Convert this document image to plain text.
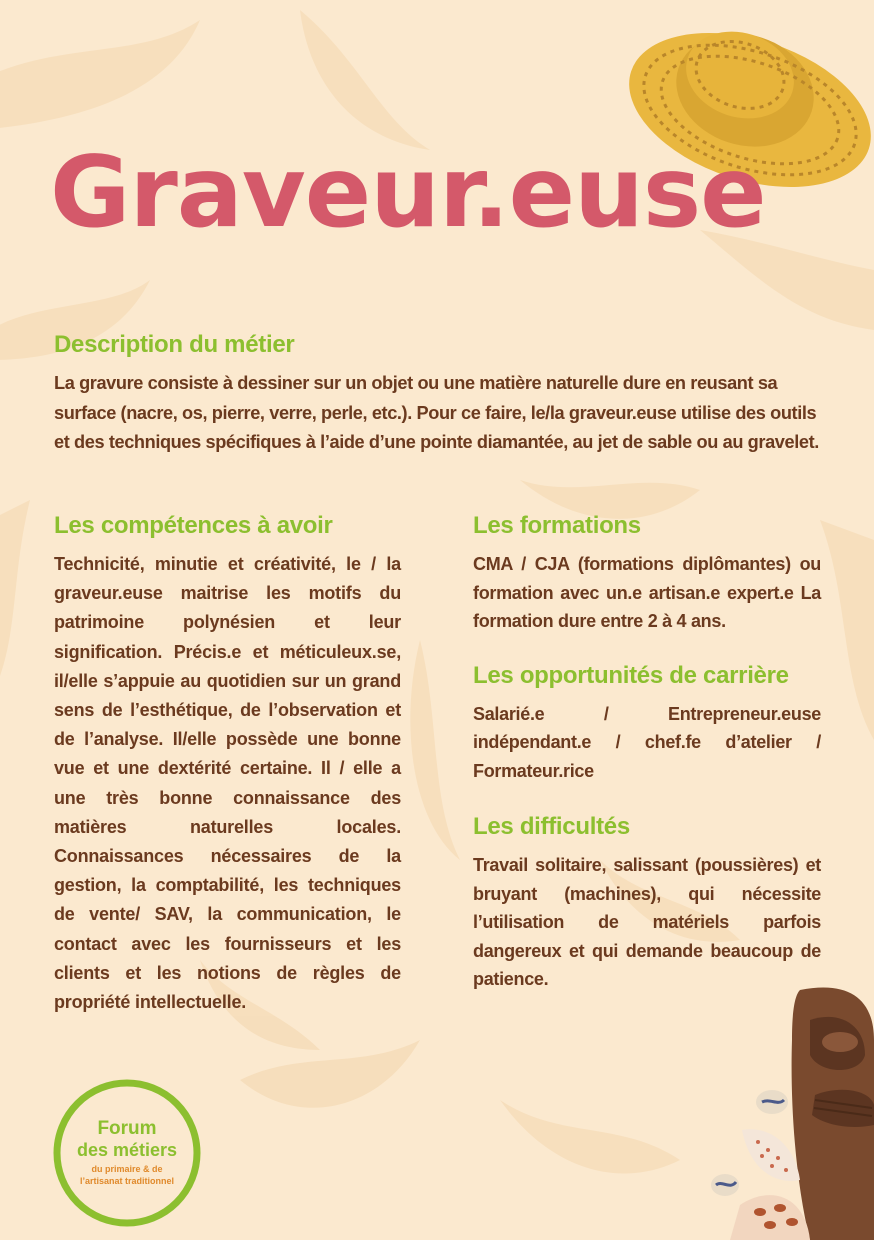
Graveur.euse
Description du métier

La gravure consiste à dessiner sur un objet ou une matière naturelle dure en reusant sa surface (nacre, os, pierre, verre, perle, etc.). Pour ce faire, le/la graveur.euse utilise des outils et des techniques spécifiques à l’aide d’une pointe diamantée, au jet de sable ou au gravelet.

Les compétences à avoir

Technicité, minutie et créativité, le / la graveur.euse maitrise les motifs du patrimoine polynésien et leur signification. Précis.e et méticuleux.se, il/elle s’appuie au quotidien sur un grand sens de l’esthétique, de l’observation et de l’analyse. Il/elle possède une bonne vue et une dextérité certaine. Il / elle a une très bonne connaissance des matières naturelles locales. Connaissances nécessaires de la gestion, la comptabilité, les techniques de vente/ SAV, la communication, le contact avec les fournisseurs et les clients et les notions de règles de propriété intellectuelle.

Les formations

CMA / CJA (formations diplômantes) ou formation avec un.e artisan.e expert.e La formation dure entre 2 à 4 ans.

Les opportunités de carrière

Salarié.e / Entrepreneur.euse indépendant.e / chef.fe d’atelier / Formateur.rice

Les difficultés

Travail solitaire, salissant (poussières) et bruyant (machines), qui nécessite l’utilisation de matériels parfois dangereux et qui demande beaucoup de patience.

Forum
des métiers
du primaire & de
l’artisanat traditionnel
